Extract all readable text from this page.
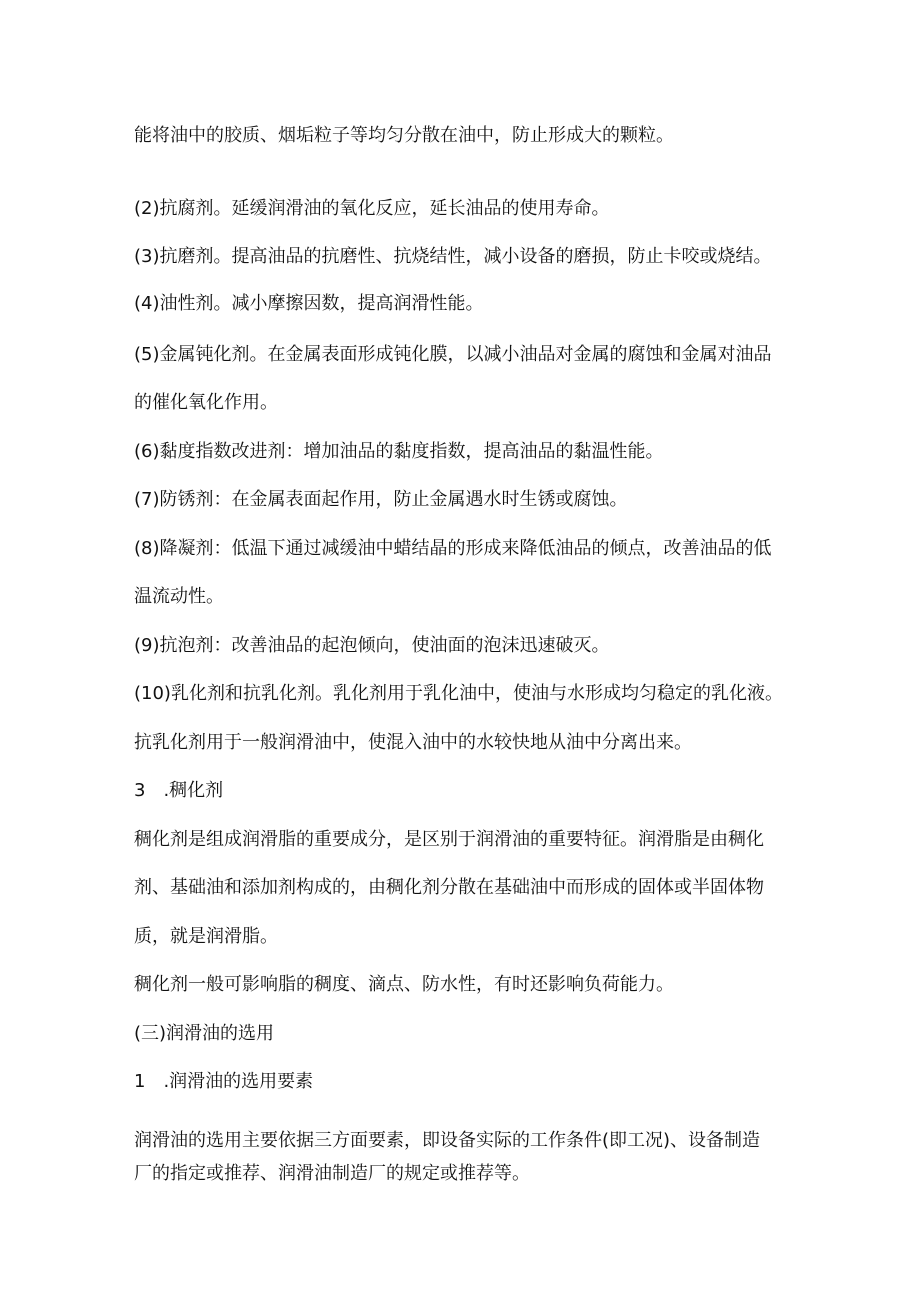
能将油中的胶质、烟垢粒子等均匀分散在油中，防止形成大的颗粒。
(2)抗腐剂。延缓润滑油的氧化反应，延长油品的使用寿命。
(3)抗磨剂。提高油品的抗磨性、抗烧结性，减小设备的磨损，防止卡咬或烧结。
(4)油性剂。减小摩擦因数，提高润滑性能。
(5)金属钝化剂。在金属表面形成钝化膜，以减小油品对金属的腐蚀和金属对油品
的催化氧化作用。
(6)黏度指数改进剂：增加油品的黏度指数，提高油品的黏温性能。
(7)防锈剂：在金属表面起作用，防止金属遇水时生锈或腐蚀。
(8)降凝剂：低温下通过减缓油中蜡结晶的形成来降低油品的倾点，改善油品的低
温流动性。
(9)抗泡剂：改善油品的起泡倾向，使油面的泡沫迅速破灭。
(10)乳化剂和抗乳化剂。乳化剂用于乳化油中，使油与水形成均匀稳定的乳化液。
抗乳化剂用于一般润滑油中，使混入油中的水较快地从油中分离出来。
3　.稠化剂
稠化剂是组成润滑脂的重要成分，是区别于润滑油的重要特征。润滑脂是由稠化
剂、基础油和添加剂构成的，由稠化剂分散在基础油中而形成的固体或半固体物
质，就是润滑脂。
稠化剂一般可影响脂的稠度、滴点、防水性，有时还影响负荷能力。
(三)润滑油的选用
1　.润滑油的选用要素
润滑油的选用主要依据三方面要素，即设备实际的工作条件(即工况)、设备制造
厂的指定或推荐、润滑油制造厂的规定或推荐等。
